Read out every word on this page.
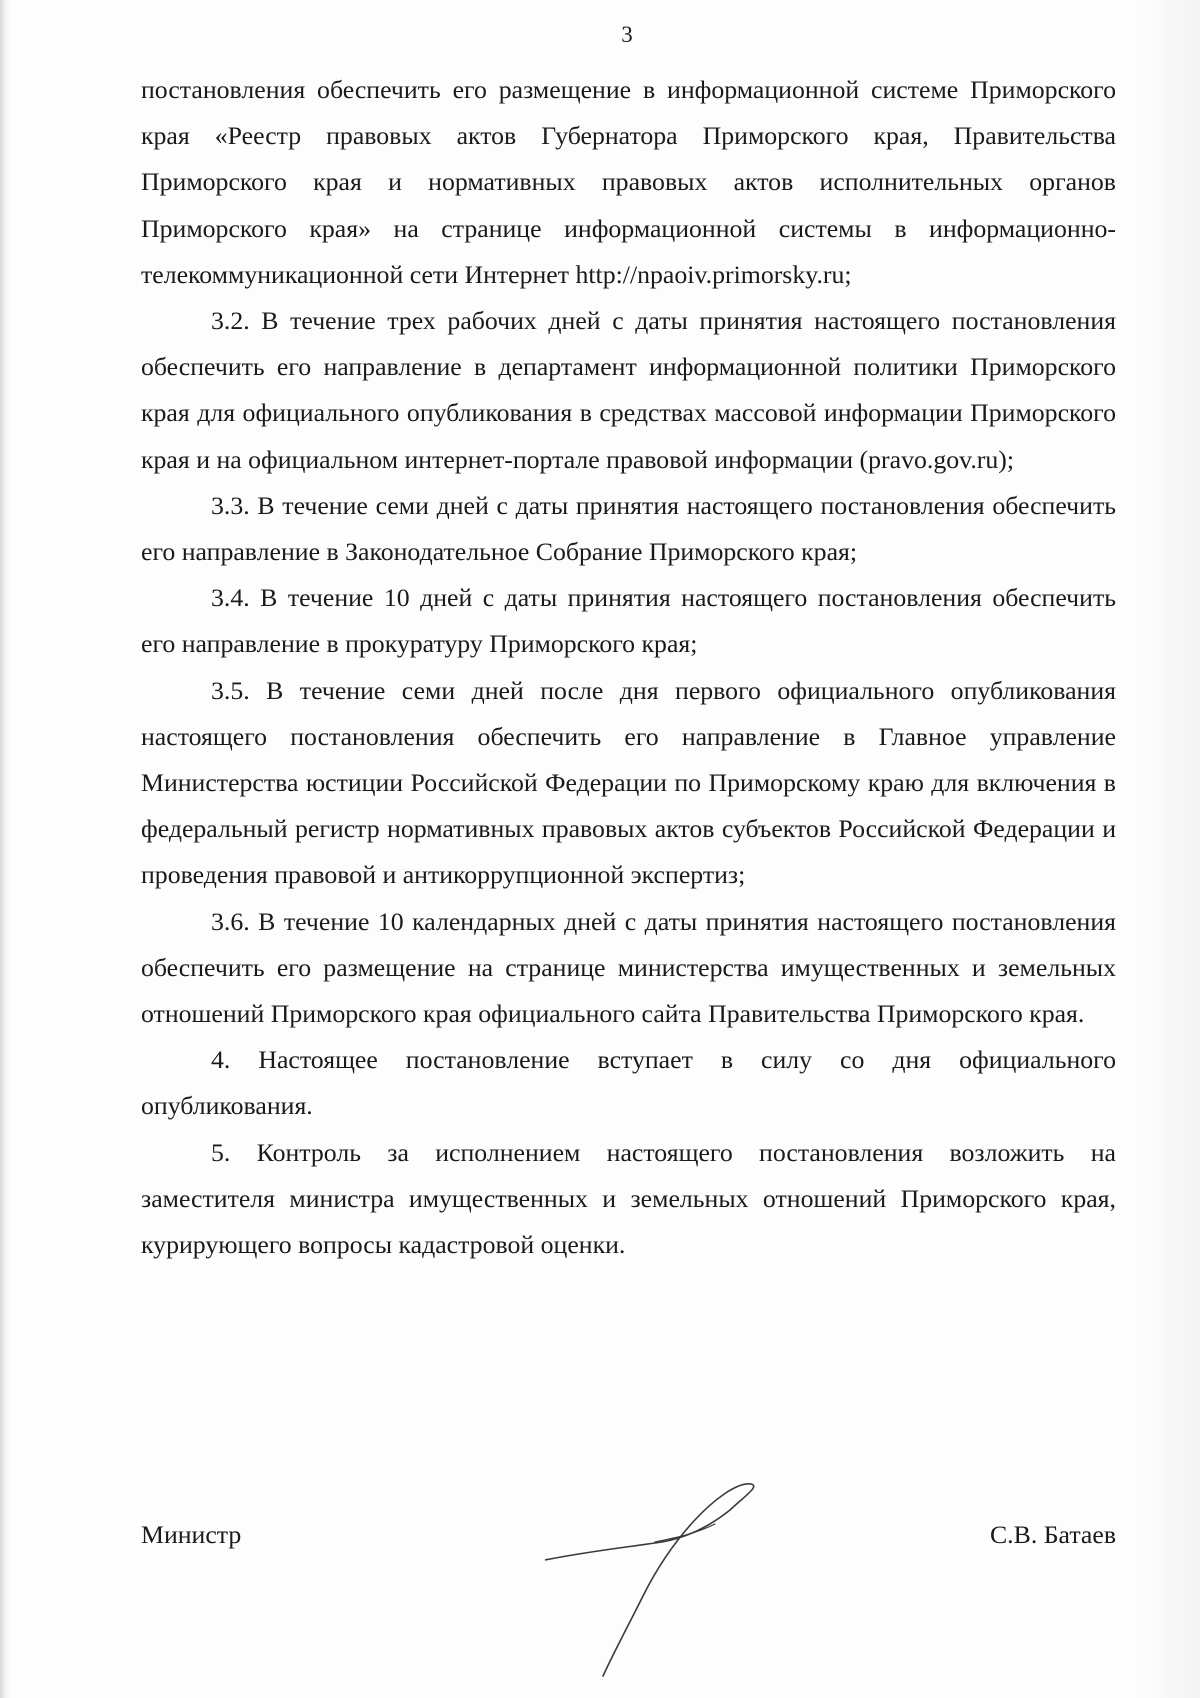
3

постановления обеспечить его размещение в информационной системе Приморского края «Реестр правовых актов Губернатора Приморского края, Правительства Приморского края и нормативных правовых актов исполнительных органов Приморского края» на странице информационной системы в информационно-телекоммуникационной сети Интернет http://npaoiv.primorsky.ru;

3.2. В течение трех рабочих дней с даты принятия настоящего постановления обеспечить его направление в департамент информационной политики Приморского края для официального опубликования в средствах массовой информации Приморского края и на официальном интернет-портале правовой информации (pravo.gov.ru);

3.3. В течение семи дней с даты принятия настоящего постановления обеспечить его направление в Законодательное Собрание Приморского края;

3.4. В течение 10 дней с даты принятия настоящего постановления обеспечить его направление в прокуратуру Приморского края;

3.5. В течение семи дней после дня первого официального опубликования настоящего постановления обеспечить его направление в Главное управление Министерства юстиции Российской Федерации по Приморскому краю для включения в федеральный регистр нормативных правовых актов субъектов Российской Федерации и проведения правовой и антикоррупционной экспертиз;

3.6. В течение 10 календарных дней с даты принятия настоящего постановления обеспечить его размещение на странице министерства имущественных и земельных отношений Приморского края официального сайта Правительства Приморского края.

4. Настоящее постановление вступает в силу со дня официального опубликования.

5. Контроль за исполнением настоящего постановления возложить на заместителя министра имущественных и земельных отношений Приморского края, курирующего вопросы кадастровой оценки.

Министр	С.В. Батаев
